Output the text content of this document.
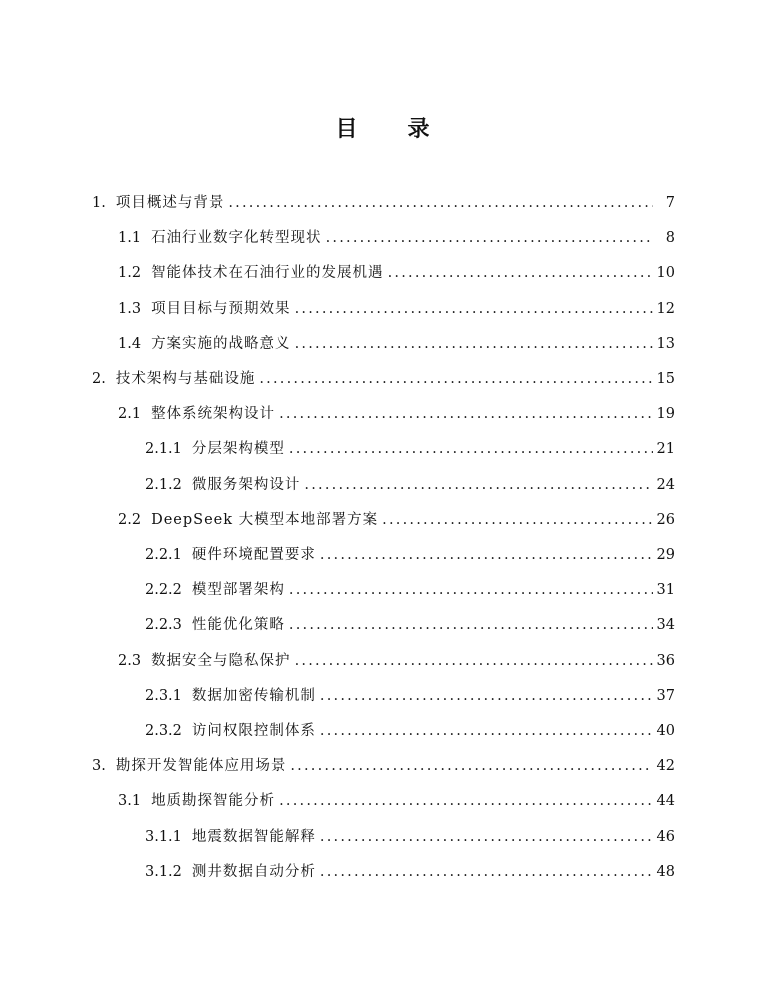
目 录
1. 项目概述与背景 . . .	7
1.1 石油行业数字化转型现状 . . .	8
1.2 智能体技术在石油行业的发展机遇 . . .	10
1.3 项目目标与预期效果 . . .	12
1.4 方案实施的战略意义 . . .	13
2. 技术架构与基础设施 . . .	15
2.1 整体系统架构设计 . . .	19
2.1.1 分层架构模型 . . .	21
2.1.2 微服务架构设计 . . .	24
2.2 DeepSeek 大模型本地部署方案 . . .	26
2.2.1 硬件环境配置要求 . . .	29
2.2.2 模型部署架构 . . .	31
2.2.3 性能优化策略 . . .	34
2.3 数据安全与隐私保护 . . .	36
2.3.1 数据加密传输机制 . . .	37
2.3.2 访问权限控制体系 . . .	40
3. 勘探开发智能体应用场景 . . .	42
3.1 地质勘探智能分析 . . .	44
3.1.1 地震数据智能解释 . . .	46
3.1.2 测井数据自动分析 . . .	48
